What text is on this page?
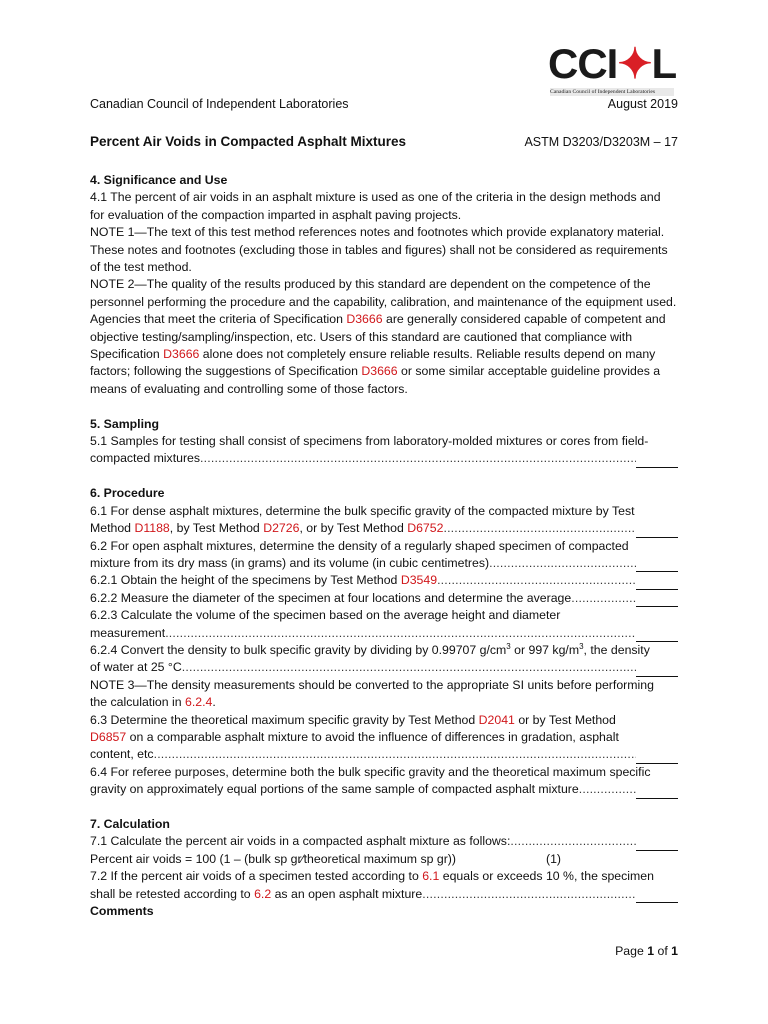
CCI✦L
Canadian Council of Independent Laboratories
Canadian Council of Independent Laboratories	August 2019
Percent Air Voids in Compacted Asphalt Mixtures	ASTM D3203/D3203M – 17

4. Significance and Use

4.1 The percent of air voids in an asphalt mixture is used as one of the criteria in the design methods and for evaluation of the compaction imparted in asphalt paving projects.

NOTE 1—The text of this test method references notes and footnotes which provide explanatory material. These notes and footnotes (excluding those in tables and figures) shall not be considered as requirements of the test method.

NOTE 2—The quality of the results produced by this standard are dependent on the competence of the personnel performing the procedure and the capability, calibration, and maintenance of the equipment used. Agencies that meet the criteria of Specification D3666 are generally considered capable of competent and objective testing/sampling/inspection, etc. Users of this standard are cautioned that compliance with Specification D3666 alone does not completely ensure reliable results. Reliable results depend on many factors; following the suggestions of Specification D3666 or some similar acceptable guideline provides a means of evaluating and controlling some of those factors.

5. Sampling

5.1 Samples for testing shall consist of specimens from laboratory-molded mixtures or cores from field-

compacted mixtures
.....

6. Procedure

6.1 For dense asphalt mixtures, determine the bulk specific gravity of the compacted mixture by Test

Method D1188, by Test Method D2726, or by Test Method D6752
.....

6.2 For open asphalt mixtures, determine the density of a regularly shaped specimen of compacted

mixture from its dry mass (in grams) and its volume (in cubic centimetres)
.....
6.2.1 Obtain the height of the specimens by Test Method D3549
.....
6.2.2 Measure the diameter of the specimen at four locations and determine the average
.....

6.2.3 Calculate the volume of the specimen based on the average height and diameter

measurement
.....

6.2.4 Convert the density to bulk specific gravity by dividing by 0.99707 $g/cm^3$ or 997 $kg/m^3$, the density

of water at 25 °C
.....

NOTE 3—The density measurements should be converted to the appropriate SI units before performing

the calculation in 6.2.4.

6.3 Determine the theoretical maximum specific gravity by Test Method D2041 or by Test Method

D6857 on a comparable asphalt mixture to avoid the influence of differences in gradation, asphalt

content, etc
.....

6.4 For referee purposes, determine both the bulk specific gravity and the theoretical maximum specific

gravity on approximately equal portions of the same sample of compacted asphalt mixture
.....

7. Calculation

7.1 Calculate the percent air voids in a compacted asphalt mixture as follows:
.....
Percent air voids = 100 (1 – (bulk sp gr⁄theoretical maximum sp gr))	(1)

7.2 If the percent air voids of a specimen tested according to 6.1 equals or exceeds 10 %, the specimen

shall be retested according to 6.2 as an open asphalt mixture
.....

Comments

Page 1 of 1
